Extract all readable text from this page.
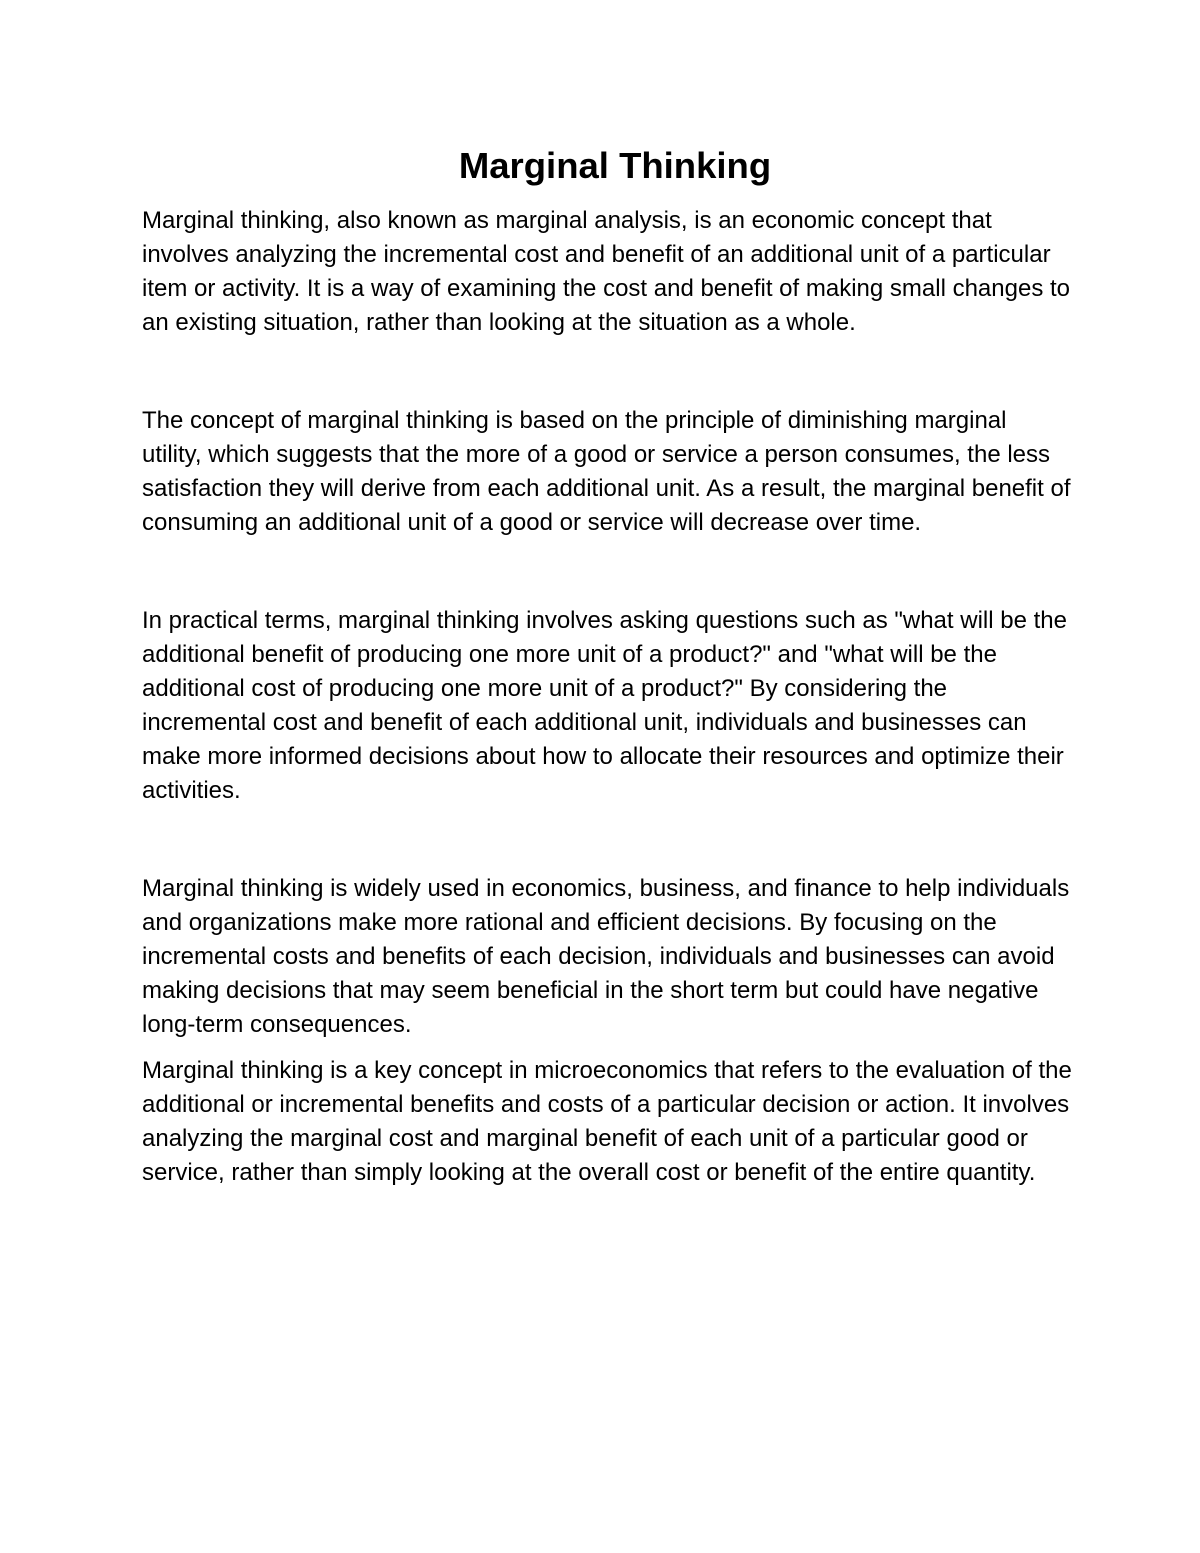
Marginal Thinking

Marginal thinking, also known as marginal analysis, is an economic concept that involves analyzing the incremental cost and benefit of an additional unit of a particular item or activity. It is a way of examining the cost and benefit of making small changes to an existing situation, rather than looking at the situation as a whole.

The concept of marginal thinking is based on the principle of diminishing marginal utility, which suggests that the more of a good or service a person consumes, the less satisfaction they will derive from each additional unit. As a result, the marginal benefit of consuming an additional unit of a good or service will decrease over time.

In practical terms, marginal thinking involves asking questions such as "what will be the additional benefit of producing one more unit of a product?" and "what will be the additional cost of producing one more unit of a product?" By considering the incremental cost and benefit of each additional unit, individuals and businesses can make more informed decisions about how to allocate their resources and optimize their activities.

Marginal thinking is widely used in economics, business, and finance to help individuals and organizations make more rational and efficient decisions. By focusing on the incremental costs and benefits of each decision, individuals and businesses can avoid making decisions that may seem beneficial in the short term but could have negative long-term consequences.

Marginal thinking is a key concept in microeconomics that refers to the evaluation of the additional or incremental benefits and costs of a particular decision or action. It involves analyzing the marginal cost and marginal benefit of each unit of a particular good or service, rather than simply looking at the overall cost or benefit of the entire quantity.
